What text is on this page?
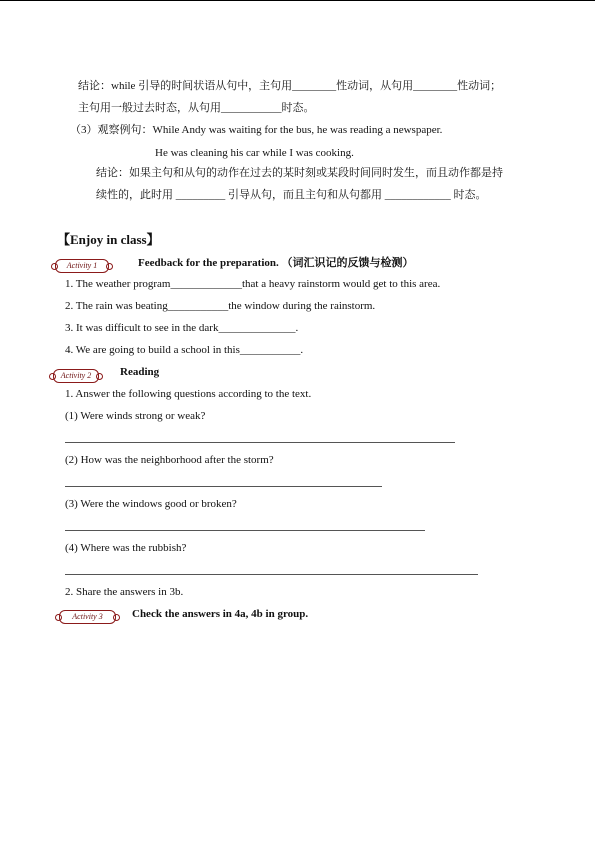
结论：while 引导的时间状语从句中，主句用________性动词，从句用________性动词；
主句用一般过去时态，从句用___________时态。
（3）观察例句：While Andy was waiting for the bus, he was reading a newspaper.
He was cleaning his car while I was cooking.
结论：如果主句和从句的动作在过去的某时刻或某段时间同时发生，而且动作都是持
续性的，此时用 _________ 引导从句，而且主句和从句都用 ____________ 时态。
【Enjoy in class】
Activity 1	Feedback for the preparation. （词汇识记的反馈与检测）
1. The weather program_____________that a heavy rainstorm would get to this area.
2. The rain was beating___________the window during the rainstorm.
3. It was difficult to see in the dark______________.
4. We are going to build a school in this___________.
Activity 2	Reading
1. Answer the following questions according to the text.
(1) Were winds strong or weak?
(2) How was the neighborhood after the storm?
(3) Were the windows good or broken?
(4) Where was the rubbish?
2. Share the answers in 3b.
Activity 3	Check the answers in 4a, 4b in group.
